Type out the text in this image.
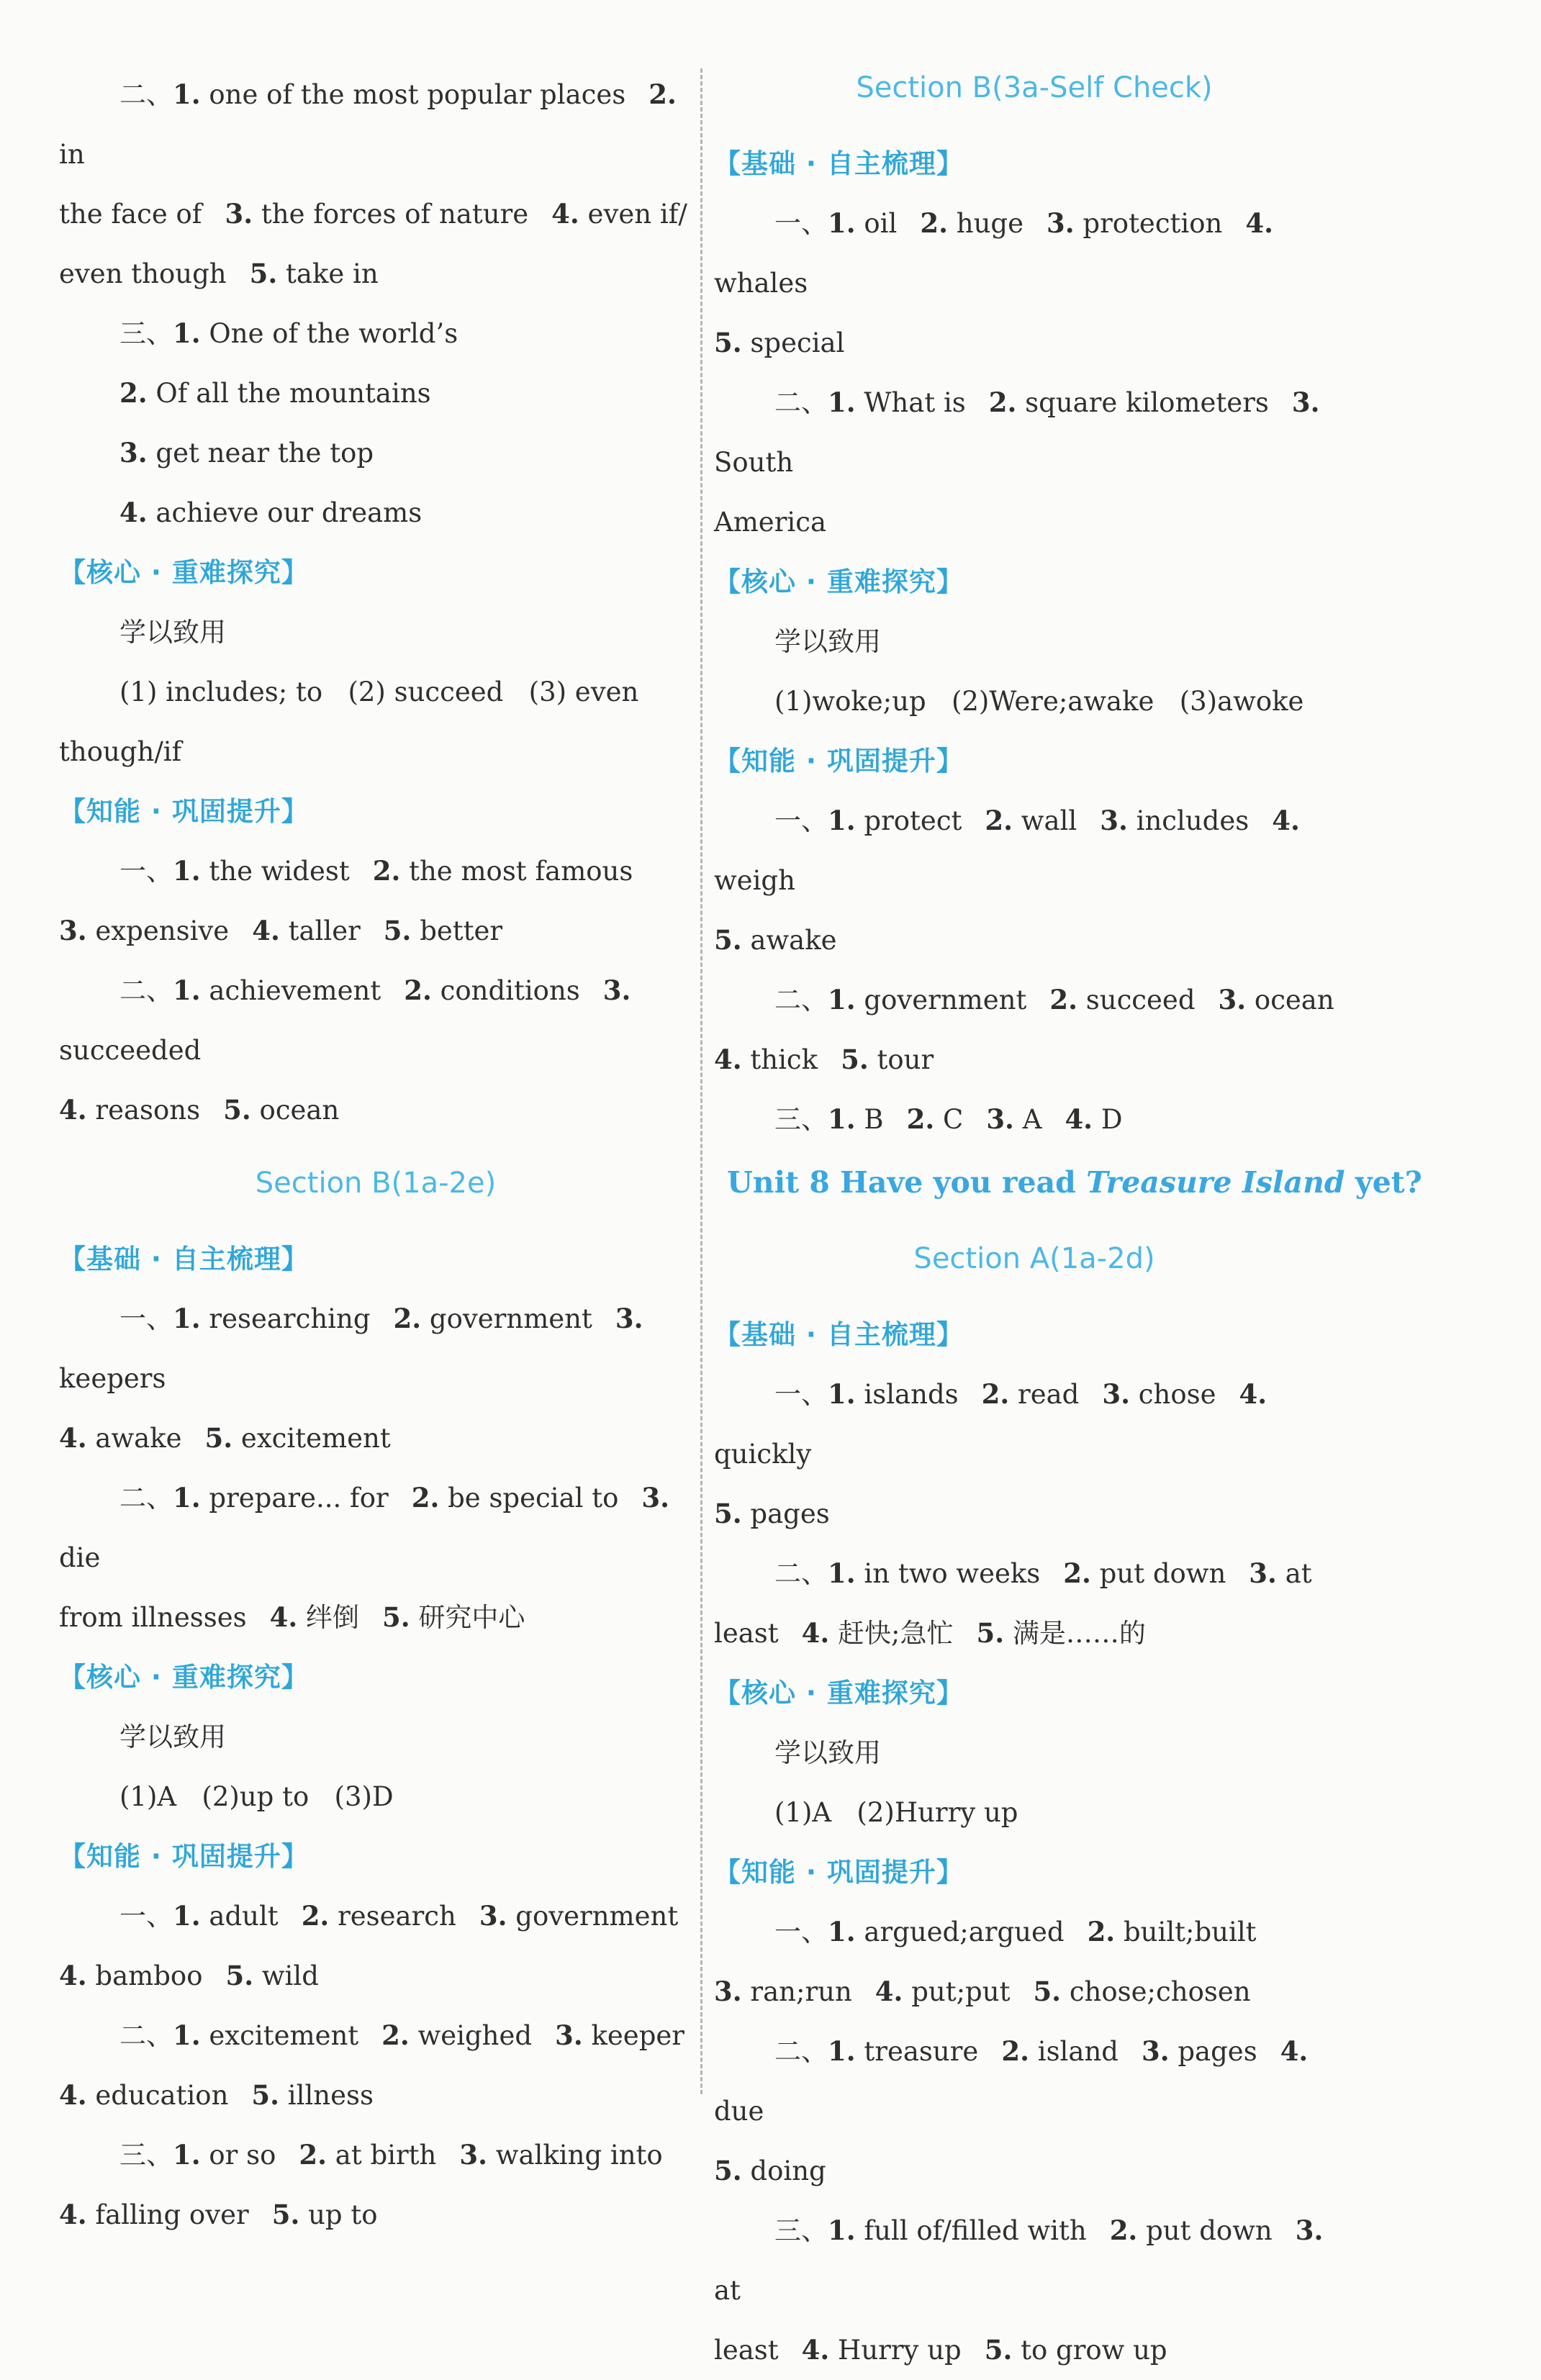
二、1. one of the most popular places 2. in

the face of 3. the forces of nature 4. even if/

even though 5. take in

三、1. One of the world’s

2. Of all the mountains

3. get near the top

4. achieve our dreams

【核心 · 重难探究】

学以致用

(1) includes; to   (2) succeed   (3) even

though/if

【知能 · 巩固提升】

一、1. the widest 2. the most famous

3. expensive 4. taller 5. better

二、1. achievement 2. conditions 3. succeeded

4. reasons 5. ocean

Section B(1a-2e)

【基础 · 自主梳理】

一、1. researching 2. government 3. keepers

4. awake 5. excitement

二、1. prepare... for 2. be special to 3. die

from illnesses 4. 绊倒 5. 研究中心

【核心 · 重难探究】

学以致用

(1)A   (2)up to   (3)D

【知能 · 巩固提升】

一、1. adult 2. research 3. government

4. bamboo 5. wild

二、1. excitement 2. weighed 3. keeper

4. education 5. illness

三、1. or so 2. at birth 3. walking into

4. falling over 5. up to

Section B(3a-Self Check)

【基础 · 自主梳理】

一、1. oil 2. huge 3. protection 4. whales

5. special

二、1. What is 2. square kilometers 3. South

America

【核心 · 重难探究】

学以致用

(1)woke;up   (2)Were;awake   (3)awoke

【知能 · 巩固提升】

一、1. protect 2. wall 3. includes 4. weigh

5. awake

二、1. government 2. succeed 3. ocean

4. thick 5. tour

三、1. B 2. C 3. A 4. D

Unit 8 Have you read Treasure Island yet?

Section A(1a-2d)

【基础 · 自主梳理】

一、1. islands 2. read 3. chose 4. quickly

5. pages

二、1. in two weeks 2. put down 3. at

least 4. 赶快;急忙 5. 满是……的

【核心 · 重难探究】

学以致用

(1)A   (2)Hurry up

【知能 · 巩固提升】

一、1. argued;argued 2. built;built

3. ran;run 4. put;put 5. chose;chosen

二、1. treasure 2. island 3. pages 4. due

5. doing

三、1. full of/filled with 2. put down 3. at

least 4. Hurry up 5. to grow up
